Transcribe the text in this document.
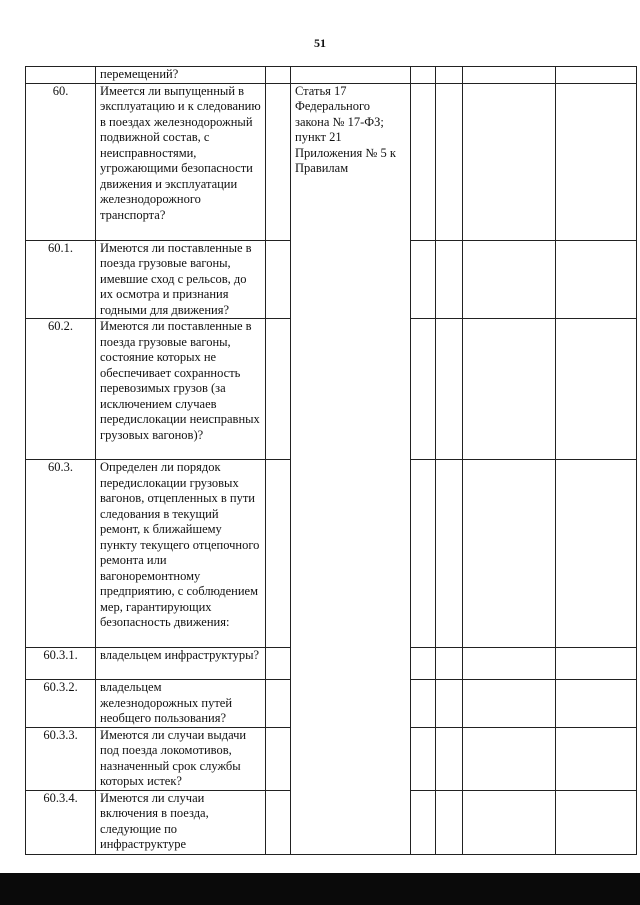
51
	перемещений?						
60.	Имеется ли выпущенный в эксплуатацию и к следованию в поездах железнодорожный подвижной состав, с неисправностями, угрожающими безопасности движения и эксплуатации железнодорожного транспорта?		Статья 17 Федерального закона № 17-ФЗ; пункт 21 Приложения № 5 к Правилам				
60.1.	Имеются ли поставленные в поезда грузовые вагоны, имевшие сход с рельсов, до их осмотра и признания годными для движения?						
60.2.	Имеются ли поставленные в поезда грузовые вагоны, состояние которых не обеспечивает сохранность перевозимых грузов (за исключением случаев передислокации неисправных грузовых вагонов)?						
60.3.	Определен ли порядок передислокации грузовых вагонов, отцепленных в пути следования в текущий ремонт, к ближайшему пункту текущего отцепочного ремонта или вагоноремонтному предприятию, с соблюдением мер, гарантирующих безопасность движения:						
60.3.1.	владельцем инфраструктуры?						
60.3.2.	владельцем железнодорожных путей необщего пользования?						
60.3.3.	Имеются ли случаи выдачи под поезда локомотивов, назначенный срок службы которых истек?						
60.3.4.	Имеются ли случаи включения в поезда, следующие по инфраструктуре						
